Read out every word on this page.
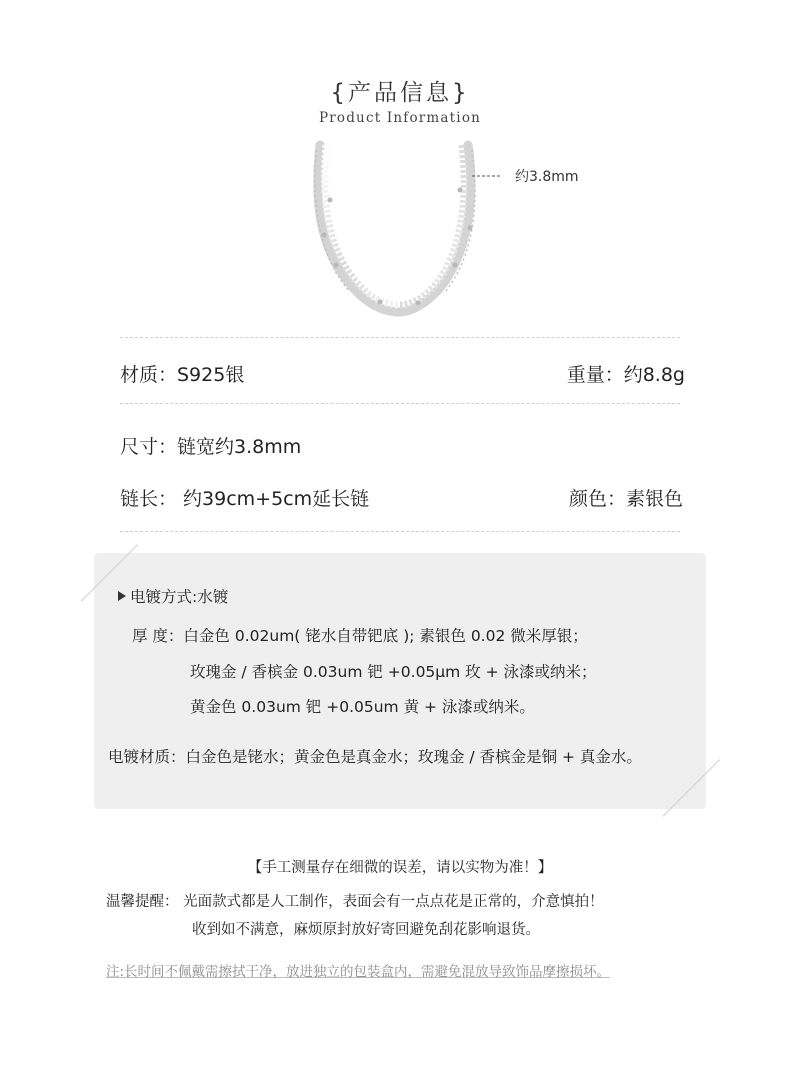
{产品信息}
Product Information
约3.8mm
材质：S925银	重量：约8.8g
尺寸：链宽约3.8mm
链长： 约39cm+5cm延长链	颜色：素银色
电镀方式:水镀
厚 度：白金色 0.02um( 铑水自带钯底 ); 素银色 0.02 微米厚银；
玫瑰金 / 香槟金 0.03um 钯 +0.05μm 玫 + 泳漆或纳米；
黄金色 0.03um 钯 +0.05um 黄 + 泳漆或纳米。
电镀材质：白金色是铑水；黄金色是真金水；玫瑰金 / 香槟金是铜 + 真金水。
【手工测量存在细微的误差，请以实物为准！】
温馨提醒： 光面款式都是人工制作，表面会有一点点花是正常的，介意慎拍！
收到如不满意，麻烦原封放好寄回避免刮花影响退货。
注:长时间不佩戴需擦拭干净，放进独立的包装盒内，需避免混放导致饰品摩擦损坏。
